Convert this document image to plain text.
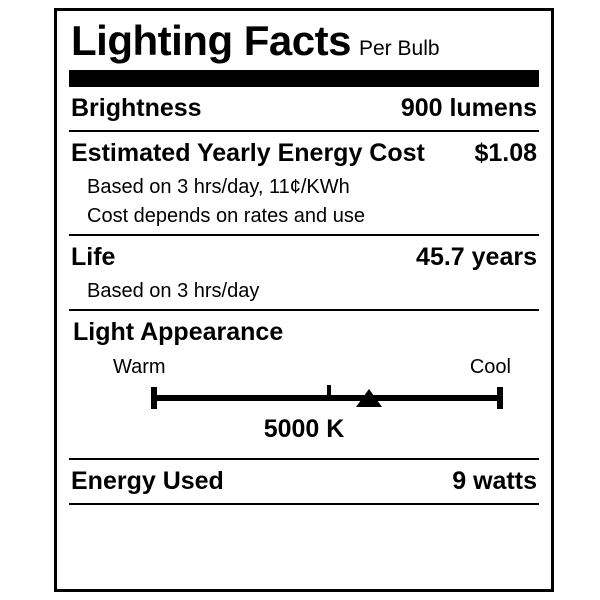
Lighting Facts Per Bulb
Brightness	900 lumens
Estimated Yearly Energy Cost $1.08
Based on 3 hrs/day, 11¢/KWh
Cost depends on rates and use
Life	45.7 years
Based on 3 hrs/day
Light Appearance
Warm	Cool
5000 K
Energy Used	9 watts
